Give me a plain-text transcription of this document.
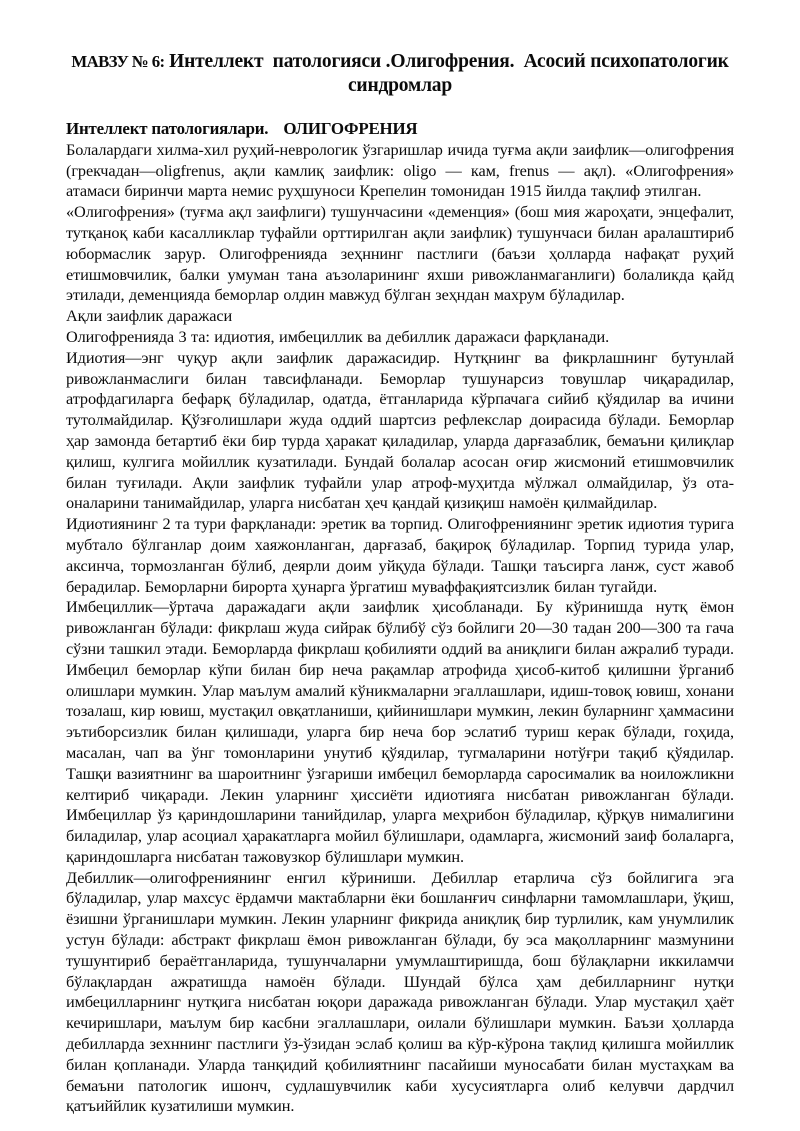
МАВЗУ № 6: Интеллект  патологияси .Олигофрения.  Асосий психопатологик
синдромлар

Интеллект патологиялари. ОЛИГОФРЕНИЯ

Болалардаги хилма-хил руҳий-неврологик ўзгаришлар ичида туғма ақли заифлик—олигофрения (грекчадан—oligfrenus, ақли камлиқ заифлик: oligo — кам, frenus — ақл). «Олигофрения» атамаси биринчи марта немис руҳшуноси Крепелин томонидан 1915 йилда тақлиф этилган.

«Олигофрения» (туғма ақл заифлиги) тушунчасини «деменция» (бош мия жароҳати, энцефалит, тутқаноқ каби касалликлар туфайли орттирилган ақли заифлик) тушунчаси билан аралаштириб юбормаслик зарур. Олигофренияда зеҳннинг пастлиги (баъзи ҳолларда нафақат руҳий етишмовчилик, балки умуман тана аъзоларининг яхши ривожланмаганлиги) болаликда қайд этилади, деменцияда беморлар олдин мавжуд бўлган зеҳндан махрум бўладилар.

Ақли заифлик даражаси

Олигофренияда 3 та: идиотия, имбециллик ва дебиллик даражаси фарқланади.

Идиотия—энг чуқур ақли заифлик даражасидир. Нутқнинг ва фикрлашнинг бутунлай ривожланмаслиги билан тавсифланади. Беморлар тушунарсиз товушлар чиқарадилар, атрофдагиларга бефарқ бўладилар, одатда, ётганларида кўрпачага сийиб қўядилар ва ичини тутолмайдилар. Қўзғолишлари жуда оддий шартсиз рефлекслар доирасида бўлади. Беморлар ҳар замонда бетартиб ёки бир турда ҳаракат қиладилар, уларда дарғазаблик, бемаъни қилиқлар қилиш, кулгига мойиллик кузатилади. Бундай болалар асосан оғир жисмоний етишмовчилик билан туғилади. Ақли заифлик туфайли улар атроф-муҳитда мўлжал олмайдилар, ўз ота-оналарини танимайдилар, уларга нисбатан ҳеч қандай қизиқиш намоён қилмайдилар.

Идиотиянинг 2 та тури фарқланади: эретик ва торпид. Олигофрениянинг эретик идиотия турига мубтало бўлганлар доим хаяжонланган, дарғазаб, бақироқ бўладилар. Торпид турида улар, аксинча, тормозланган бўлиб, деярли доим уйқуда бўлади. Ташқи таъсирга ланж, суст жавоб берадилар. Беморларни бирорта ҳунарга ўргатиш муваффақиятсизлик билан тугайди.

Имбециллик—ўртача даражадаги ақли заифлик ҳисобланади. Бу кўринишда нутқ ёмон ривожланган бўлади: фикрлаш жуда сийрак бўлибў сўз бойлиги 20—30 тадан 200—300 та гача сўзни ташкил этади. Беморларда фикрлаш қобилияти оддий ва аниқлиги билан ажралиб туради. Имбецил беморлар кўпи билан бир неча рақамлар атрофида ҳисоб-китоб қилишни ўрганиб олишлари мумкин. Улар маълум амалий кўникмаларни эгаллашлари, идиш-товоқ ювиш, хонани тозалаш, кир ювиш, мустақил овқатланиши, қийинишлари мумкин, лекин буларнинг ҳаммасини эътиборсизлик билан қилишади, уларга бир неча бор эслатиб туриш керак бўлади, гоҳида, масалан, чап ва ўнг томонларини унутиб қўядилар, тугмаларини нотўғри тақиб қўядилар. Ташқи вазиятнинг ва шароитнинг ўзгариши имбецил беморларда саросималик ва ноиложликни келтириб чиқаради. Лекин уларнинг ҳиссиёти идиотияга нисбатан ривожланган бўлади. Имбециллар ўз қариндошларини танийдилар, уларга меҳрибон бўладилар, қўрқув нималигини биладилар, улар асоциал ҳаракатларга мойил бўлишлари, одамларга, жисмоний заиф болаларга, қариндошларга нисбатан тажовузкор бўлишлари мумкин.

Дебиллик—олигофрениянинг енгил кўриниши. Дебиллар етарлича сўз бойлигига эга бўладилар, улар махсус ёрдамчи мактабларни ёки бошланғич синфларни тамомлашлари, ўқиш, ёзишни ўрганишлари мумкин. Лекин уларнинг фикрида аниқлиқ бир турлилик, кам унумлилик устун бўлади: абстракт фикрлаш ёмон ривожланган бўлади, бу эса мақолларнинг мазмунини тушунтириб бераётганларида, тушунчаларни умумлаштиришда, бош бўлақларни иккиламчи бўлақлардан ажратишда намоён бўлади. Шундай бўлса ҳам дебилларнинг нутқи имбецилларнинг нутқига нисбатан юқори даражада ривожланган бўлади. Улар мустақил ҳаёт кечиришлари, маълум бир касбни эгаллашлари, оилали бўлишлари мумкин. Баъзи ҳолларда дебилларда зехннинг пастлиги ўз-ўзидан эслаб қолиш ва кўр-кўрона тақлид қилишга мойиллик билан қопланади. Уларда танқидий қобилиятнинг пасайиши муносабати билан мустаҳкам ва бемаъни патологик ишонч, судлашувчилик каби хусусиятларга олиб келувчи дардчил қатъиййлик кузатилиши мумкин.
